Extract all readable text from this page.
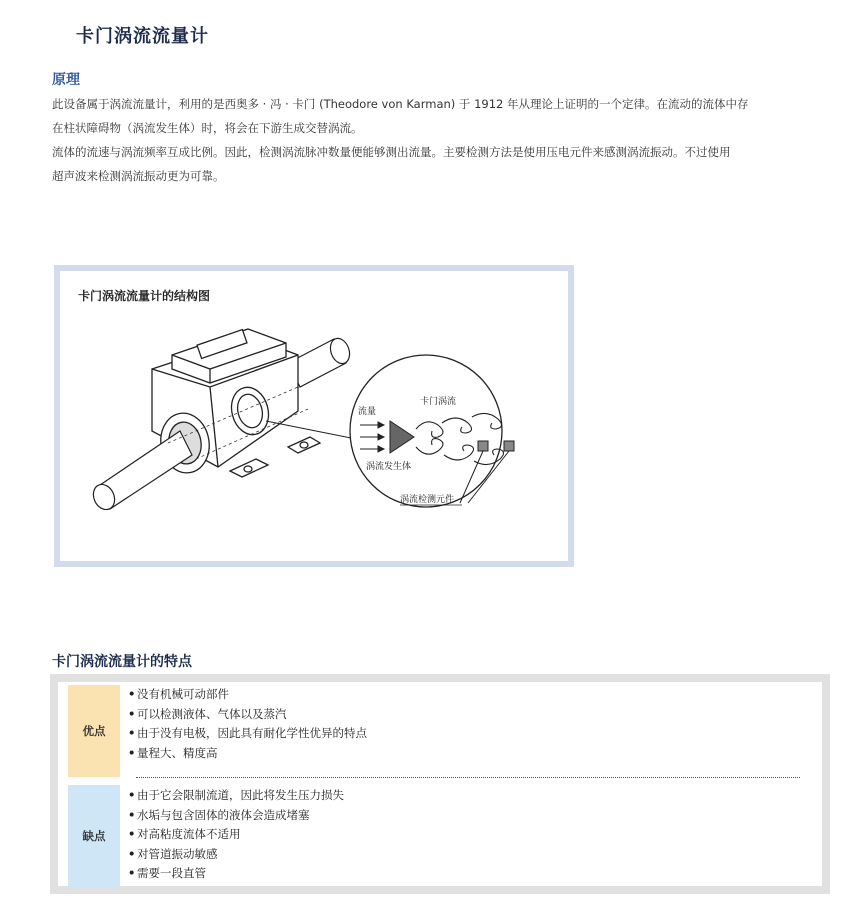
卡门涡流流量计
原理

此设备属于涡流流量计，利用的是西奥多 · 冯 · 卡门 (Theodore von Karman) 于 1912 年从理论上证明的一个定律。在流动的流体中存

在柱状障碍物（涡流发生体）时，将会在下游生成交替涡流。

流体的流速与涡流频率互成比例。因此，检测涡流脉冲数量便能够测出流量。主要检测方法是使用压电元件来感测涡流振动。不过使用

超声波来检测涡流振动更为可靠。

卡门涡流流量计的结构图
流量
卡门涡流
涡流发生体
涡流检测元件
卡门涡流流量计的特点
优点
• 没有机械可动部件
• 可以检测液体、气体以及蒸汽
• 由于没有电极，因此具有耐化学性优异的特点
• 量程大、精度高
缺点
• 由于它会限制流道，因此将发生压力损失
• 水垢与包含固体的液体会造成堵塞
• 对高粘度流体不适用
• 对管道振动敏感
• 需要一段直管
